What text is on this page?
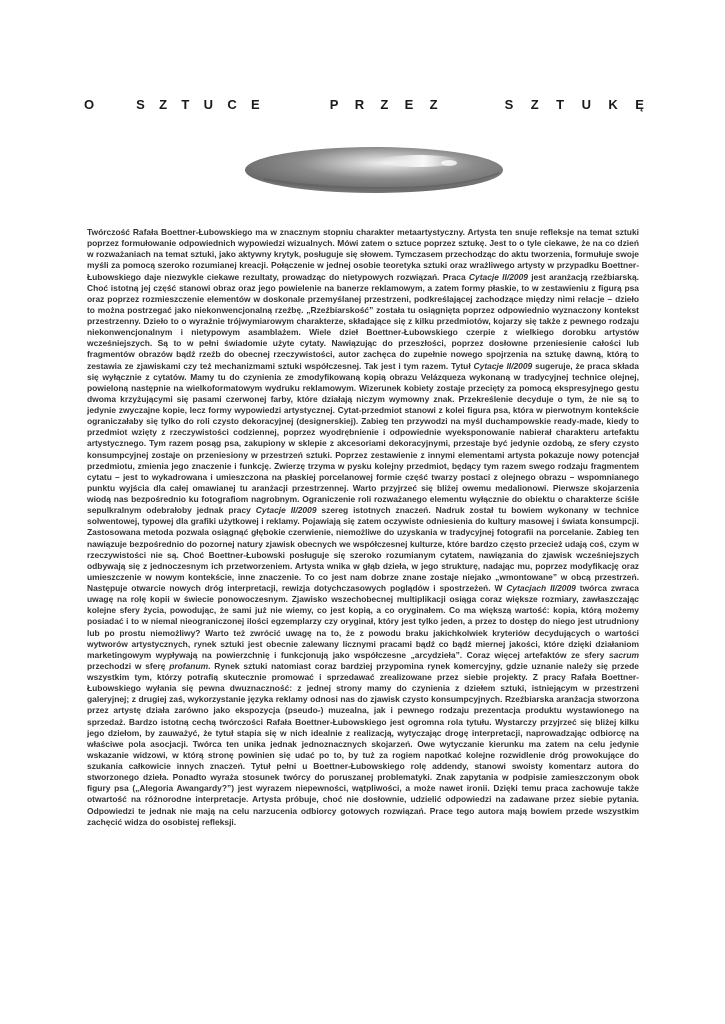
O	S Z T U C E	P R Z E Z	S Z T U K Ę

Twórczość Rafała Boettner-Łubowskiego ma w znacznym stopniu charakter metaartystyczny. Artysta ten snuje refleksje na temat sztuki poprzez formułowanie odpowiednich wypowiedzi wizualnych. Mówi zatem o sztuce poprzez sztukę. Jest to o tyle ciekawe, że na co dzień w rozważaniach na temat sztuki, jako aktywny krytyk, posługuje się słowem. Tymczasem przechodząc do aktu tworzenia, formułuje swoje myśli za pomocą szeroko rozumianej kreacji. Połączenie w jednej osobie teoretyka sztuki oraz wrażliwego artysty w przypadku Boettner-Łubowskiego daje niezwykle ciekawe rezultaty, prowadząc do nietypowych rozwiązań. Praca Cytacje II/2009 jest aranżacją rzeźbiarską. Choć istotną jej część stanowi obraz oraz jego powielenie na banerze reklamowym, a zatem formy płaskie, to w zestawieniu z figurą psa oraz poprzez rozmieszczenie elementów w doskonale przemyślanej przestrzeni, podkreślającej zachodzące między nimi relacje – dzieło to można postrzegać jako niekonwencjonalną rzeźbę. „Rzeźbiarskość” została tu osiągnięta poprzez odpowiednio wyznaczony kontekst przestrzenny. Dzieło to o wyraźnie trójwymiarowym charakterze, składające się z kilku przedmiotów, kojarzy się także z pewnego rodzaju niekonwencjonalnym i nietypowym asamblażem. Wiele dzieł Boettner-Łubowskiego czerpie z wielkiego dorobku artystów wcześniejszych. Są to w pełni świadomie użyte cytaty. Nawiązując do przeszłości, poprzez dosłowne przeniesienie całości lub fragmentów obrazów bądź rzeźb do obecnej rzeczywistości, autor zachęca do zupełnie nowego spojrzenia na sztukę dawną, którą to zestawia ze zjawiskami czy też mechanizmami sztuki współczesnej. Tak jest i tym razem. Tytuł Cytacje II/2009 sugeruje, że praca składa się wyłącznie z cytatów. Mamy tu do czynienia ze zmodyfikowaną kopią obrazu Velázqueza wykonaną w tradycyjnej technice olejnej, powieloną następnie na wielkoformatowym wydruku reklamowym. Wizerunek kobiety zostaje przecięty za pomocą ekspresyjnego gestu dwoma krzyżującymi się pasami czerwonej farby, które działają niczym wymowny znak. Przekreślenie decyduje o tym, że nie są to jedynie zwyczajne kopie, lecz formy wypowiedzi artystycznej. Cytat-przedmiot stanowi z kolei figura psa, która w pierwotnym kontekście ograniczałaby się tylko do roli czysto dekoracyjnej (designerskiej). Zabieg ten przywodzi na myśl duchampowskie ready-made, kiedy to przedmiot wzięty z rzeczywistości codziennej, poprzez wyodrębnienie i odpowiednie wyeksponowanie nabierał charakteru artefaktu artystycznego. Tym razem posąg psa, zakupiony w sklepie z akcesoriami dekoracyjnymi, przestaje być jedynie ozdobą, ze sfery czysto konsumpcyjnej zostaje on przeniesiony w przestrzeń sztuki. Poprzez zestawienie z innymi elementami artysta pokazuje nowy potencjał przedmiotu, zmienia jego znaczenie i funkcję. Zwierzę trzyma w pysku kolejny przedmiot, będący tym razem swego rodzaju fragmentem cytatu – jest to wykadrowana i umieszczona na płaskiej porcelanowej formie część twarzy postaci z olejnego obrazu – wspomnianego punktu wyjścia dla całej omawianej tu aranżacji przestrzennej. Warto przyjrzeć się bliżej owemu medalionowi. Pierwsze skojarzenia wiodą nas bezpośrednio ku fotografiom nagrobnym. Ograniczenie roli rozważanego elementu wyłącznie do obiektu o charakterze ściśle sepulkralnym odebrałoby jednak pracy Cytacje II/2009 szereg istotnych znaczeń. Nadruk został tu bowiem wykonany w technice solwentowej, typowej dla grafiki użytkowej i reklamy. Pojawiają się zatem oczywiste odniesienia do kultury masowej i świata konsumpcji. Zastosowana metoda pozwala osiągnąć głębokie czerwienie, niemożliwe do uzyskania w tradycyjnej fotografii na porcelanie. Zabieg ten nawiązuje bezpośrednio do pozornej natury zjawisk obecnych we współczesnej kulturze, które bardzo często przecież udają coś, czym w rzeczywistości nie są. Choć Boettner-Łubowski posługuje się szeroko rozumianym cytatem, nawiązania do zjawisk wcześniejszych odbywają się z jednoczesnym ich przetworzeniem. Artysta wnika w głąb dzieła, w jego strukturę, nadając mu, poprzez modyfikację oraz umieszczenie w nowym kontekście, inne znaczenie. To co jest nam dobrze znane zostaje niejako „wmontowane” w obcą przestrzeń. Następuje otwarcie nowych dróg interpretacji, rewizja dotychczasowych poglądów i spostrzeżeń. W Cytacjach II/2009 twórca zwraca uwagę na rolę kopii w świecie ponowoczesnym. Zjawisko wszechobecnej multiplikacji osiąga coraz większe rozmiary, zawłaszczając kolejne sfery życia, powodując, że sami już nie wiemy, co jest kopią, a co oryginałem. Co ma większą wartość: kopia, którą możemy posiadać i to w niemal nieograniczonej ilości egzemplarzy czy oryginał, który jest tylko jeden, a przez to dostęp do niego jest utrudniony lub po prostu niemożliwy? Warto też zwrócić uwagę na to, że z powodu braku jakichkolwiek kryteriów decydujących o wartości wytworów artystycznych, rynek sztuki jest obecnie zalewany licznymi pracami bądź co bądź miernej jakości, które dzięki działaniom marketingowym wypływają na powierzchnię i funkcjonują jako współczesne „arcydzieła”. Coraz więcej artefaktów ze sfery sacrum przechodzi w sferę profanum. Rynek sztuki natomiast coraz bardziej przypomina rynek komercyjny, gdzie uznanie należy się przede wszystkim tym, którzy potrafią skutecznie promować i sprzedawać zrealizowane przez siebie projekty. Z pracy Rafała Boettner-Łubowskiego wyłania się pewna dwuznaczność: z jednej strony mamy do czynienia z dziełem sztuki, istniejącym w przestrzeni galeryjnej; z drugiej zaś, wykorzystanie języka reklamy odnosi nas do zjawisk czysto konsumpcyjnych. Rzeźbiarska aranżacja stworzona przez artystę działa zarówno jako ekspozycja (pseudo-) muzealna, jak i pewnego rodzaju prezentacja produktu wystawionego na sprzedaż. Bardzo istotną cechą twórczości Rafała Boettner-Łubowskiego jest ogromna rola tytułu. Wystarczy przyjrzeć się bliżej kilku jego dziełom, by zauważyć, że tytuł stapia się w nich idealnie z realizacją, wytyczając drogę interpretacji, naprowadzając odbiorcę na właściwe pola asocjacji. Twórca ten unika jednak jednoznacznych skojarzeń. Owe wytyczanie kierunku ma zatem na celu jedynie wskazanie widzowi, w którą stronę powinien się udać po to, by tuż za rogiem napotkać kolejne rozwidlenie dróg prowokujące do szukania całkowicie innych znaczeń. Tytuł pełni u Boettner-Łubowskiego rolę addendy, stanowi swoisty komentarz autora do stworzonego dzieła. Ponadto wyraża stosunek twórcy do poruszanej problematyki. Znak zapytania w podpisie zamieszczonym obok figury psa („Alegoria Awangardy?”) jest wyrazem niepewności, wątpliwości, a może nawet ironii. Dzięki temu praca zachowuje także otwartość na różnorodne interpretacje. Artysta próbuje, choć nie dosłownie, udzielić odpowiedzi na zadawane przez siebie pytania. Odpowiedzi te jednak nie mają na celu narzucenia odbiorcy gotowych rozwiązań. Prace tego autora mają bowiem przede wszystkim zachęcić widza do osobistej refleksji.
